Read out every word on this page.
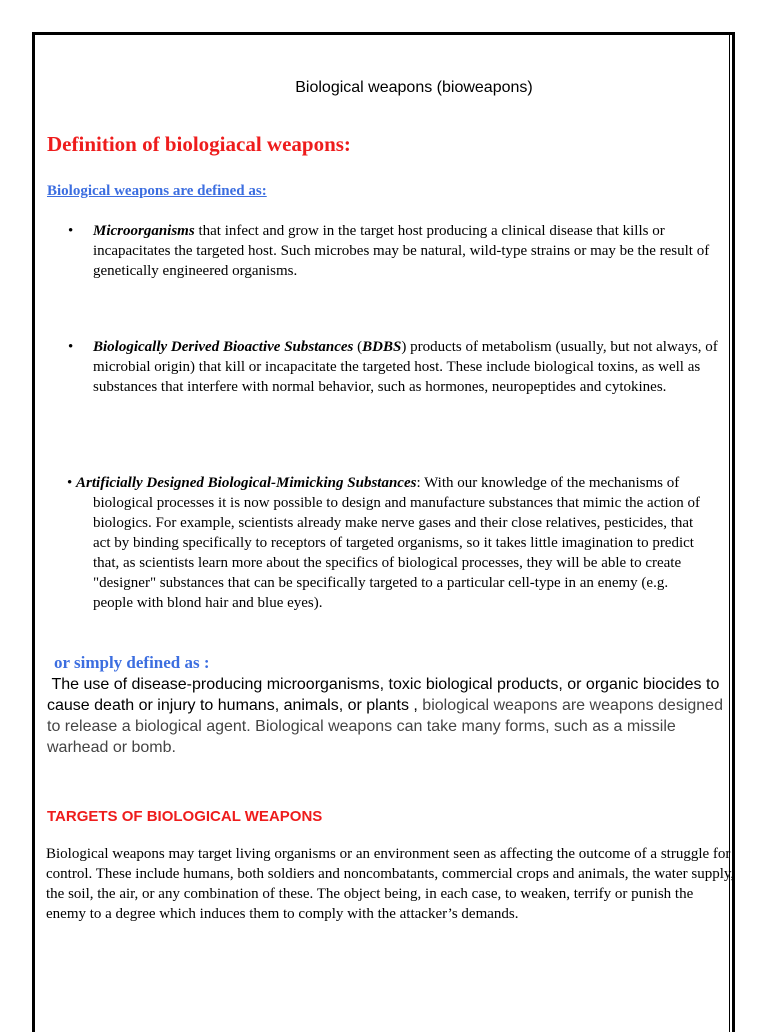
Biological weapons (bioweapons)
Definition of biologiacal weapons:
Biological weapons are defined as:
• Microorganisms that infect and grow in the target host producing a clinical disease that kills or incapacitates the targeted host. Such microbes may be natural, wild-type strains or may be the result of genetically engineered organisms.
• Biologically Derived Bioactive Substances (BDBS) products of metabolism (usually, but not always, of microbial origin) that kill or incapacitate the targeted host. These include biological toxins, as well as substances that interfere with normal behavior, such as hormones, neuropeptides and cytokines.
• Artificially Designed Biological-Mimicking Substances: With our knowledge of the mechanisms of biological processes it is now possible to design and manufacture substances that mimic the action of biologics. For example, scientists already make nerve gases and their close relatives, pesticides, that act by binding specifically to receptors of targeted organisms, so it takes little imagination to predict that, as scientists learn more about the specifics of biological processes, they will be able to create "designer" substances that can be specifically targeted to a particular cell-type in an enemy (e.g. people with blond hair and blue eyes).
or simply defined as :
The use of disease-producing microorganisms, toxic biological products, or organic biocides to cause death or injury to humans, animals, or plants , biological weapons are weapons designed to release a biological agent. Biological weapons can take many forms, such as a missile warhead or bomb.
TARGETS OF BIOLOGICAL WEAPONS
Biological weapons may target living organisms or an environment seen as affecting the outcome of a struggle for control. These include humans, both soldiers and noncombatants, commercial crops and animals, the water supply, the soil, the air, or any combination of these. The object being, in each case, to weaken, terrify or punish the enemy to a degree which induces them to comply with the attacker’s demands.
